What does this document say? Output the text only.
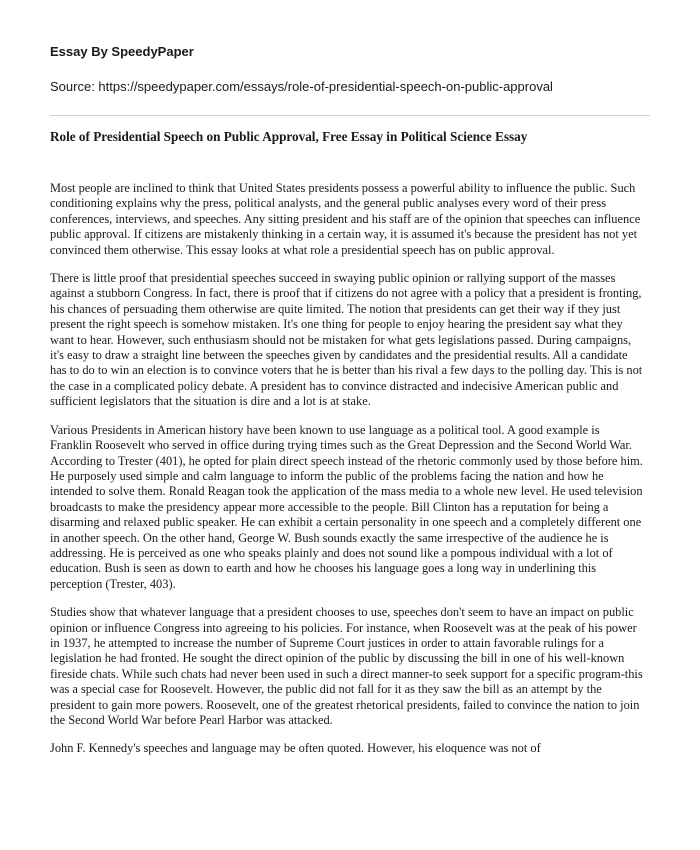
Essay By SpeedyPaper
Source: https://speedypaper.com/essays/role-of-presidential-speech-on-public-approval
Role of Presidential Speech on Public Approval, Free Essay in Political Science Essay

Most people are inclined to think that United States presidents possess a powerful ability to influence the public. Such conditioning explains why the press, political analysts, and the general public analyses every word of their press conferences, interviews, and speeches. Any sitting president and his staff are of the opinion that speeches can influence public approval. If citizens are mistakenly thinking in a certain way, it is assumed it's because the president has not yet convinced them otherwise. This essay looks at what role a presidential speech has on public approval.

There is little proof that presidential speeches succeed in swaying public opinion or rallying support of the masses against a stubborn Congress. In fact, there is proof that if citizens do not agree with a policy that a president is fronting, his chances of persuading them otherwise are quite limited. The notion that presidents can get their way if they just present the right speech is somehow mistaken. It's one thing for people to enjoy hearing the president say what they want to hear. However, such enthusiasm should not be mistaken for what gets legislations passed. During campaigns, it's easy to draw a straight line between the speeches given by candidates and the presidential results. All a candidate has to do to win an election is to convince voters that he is better than his rival a few days to the polling day. This is not the case in a complicated policy debate. A president has to convince distracted and indecisive American public and sufficient legislators that the situation is dire and a lot is at stake.

Various Presidents in American history have been known to use language as a political tool. A good example is Franklin Roosevelt who served in office during trying times such as the Great Depression and the Second World War. According to Trester (401), he opted for plain direct speech instead of the rhetoric commonly used by those before him. He purposely used simple and calm language to inform the public of the problems facing the nation and how he intended to solve them. Ronald Reagan took the application of the mass media to a whole new level. He used television broadcasts to make the presidency appear more accessible to the people. Bill Clinton has a reputation for being a disarming and relaxed public speaker. He can exhibit a certain personality in one speech and a completely different one in another speech. On the other hand, George W. Bush sounds exactly the same irrespective of the audience he is addressing. He is perceived as one who speaks plainly and does not sound like a pompous individual with a lot of education. Bush is seen as down to earth and how he chooses his language goes a long way in underlining this perception (Trester, 403).

Studies show that whatever language that a president chooses to use, speeches don't seem to have an impact on public opinion or influence Congress into agreeing to his policies. For instance, when Roosevelt was at the peak of his power in 1937, he attempted to increase the number of Supreme Court justices in order to attain favorable rulings for a legislation he had fronted. He sought the direct opinion of the public by discussing the bill in one of his well-known fireside chats. While such chats had never been used in such a direct manner-to seek support for a specific program-this was a special case for Roosevelt. However, the public did not fall for it as they saw the bill as an attempt by the president to gain more powers. Roosevelt, one of the greatest rhetorical presidents, failed to convince the nation to join the Second World War before Pearl Harbor was attacked.

John F. Kennedy's speeches and language may be often quoted. However, his eloquence was not of
